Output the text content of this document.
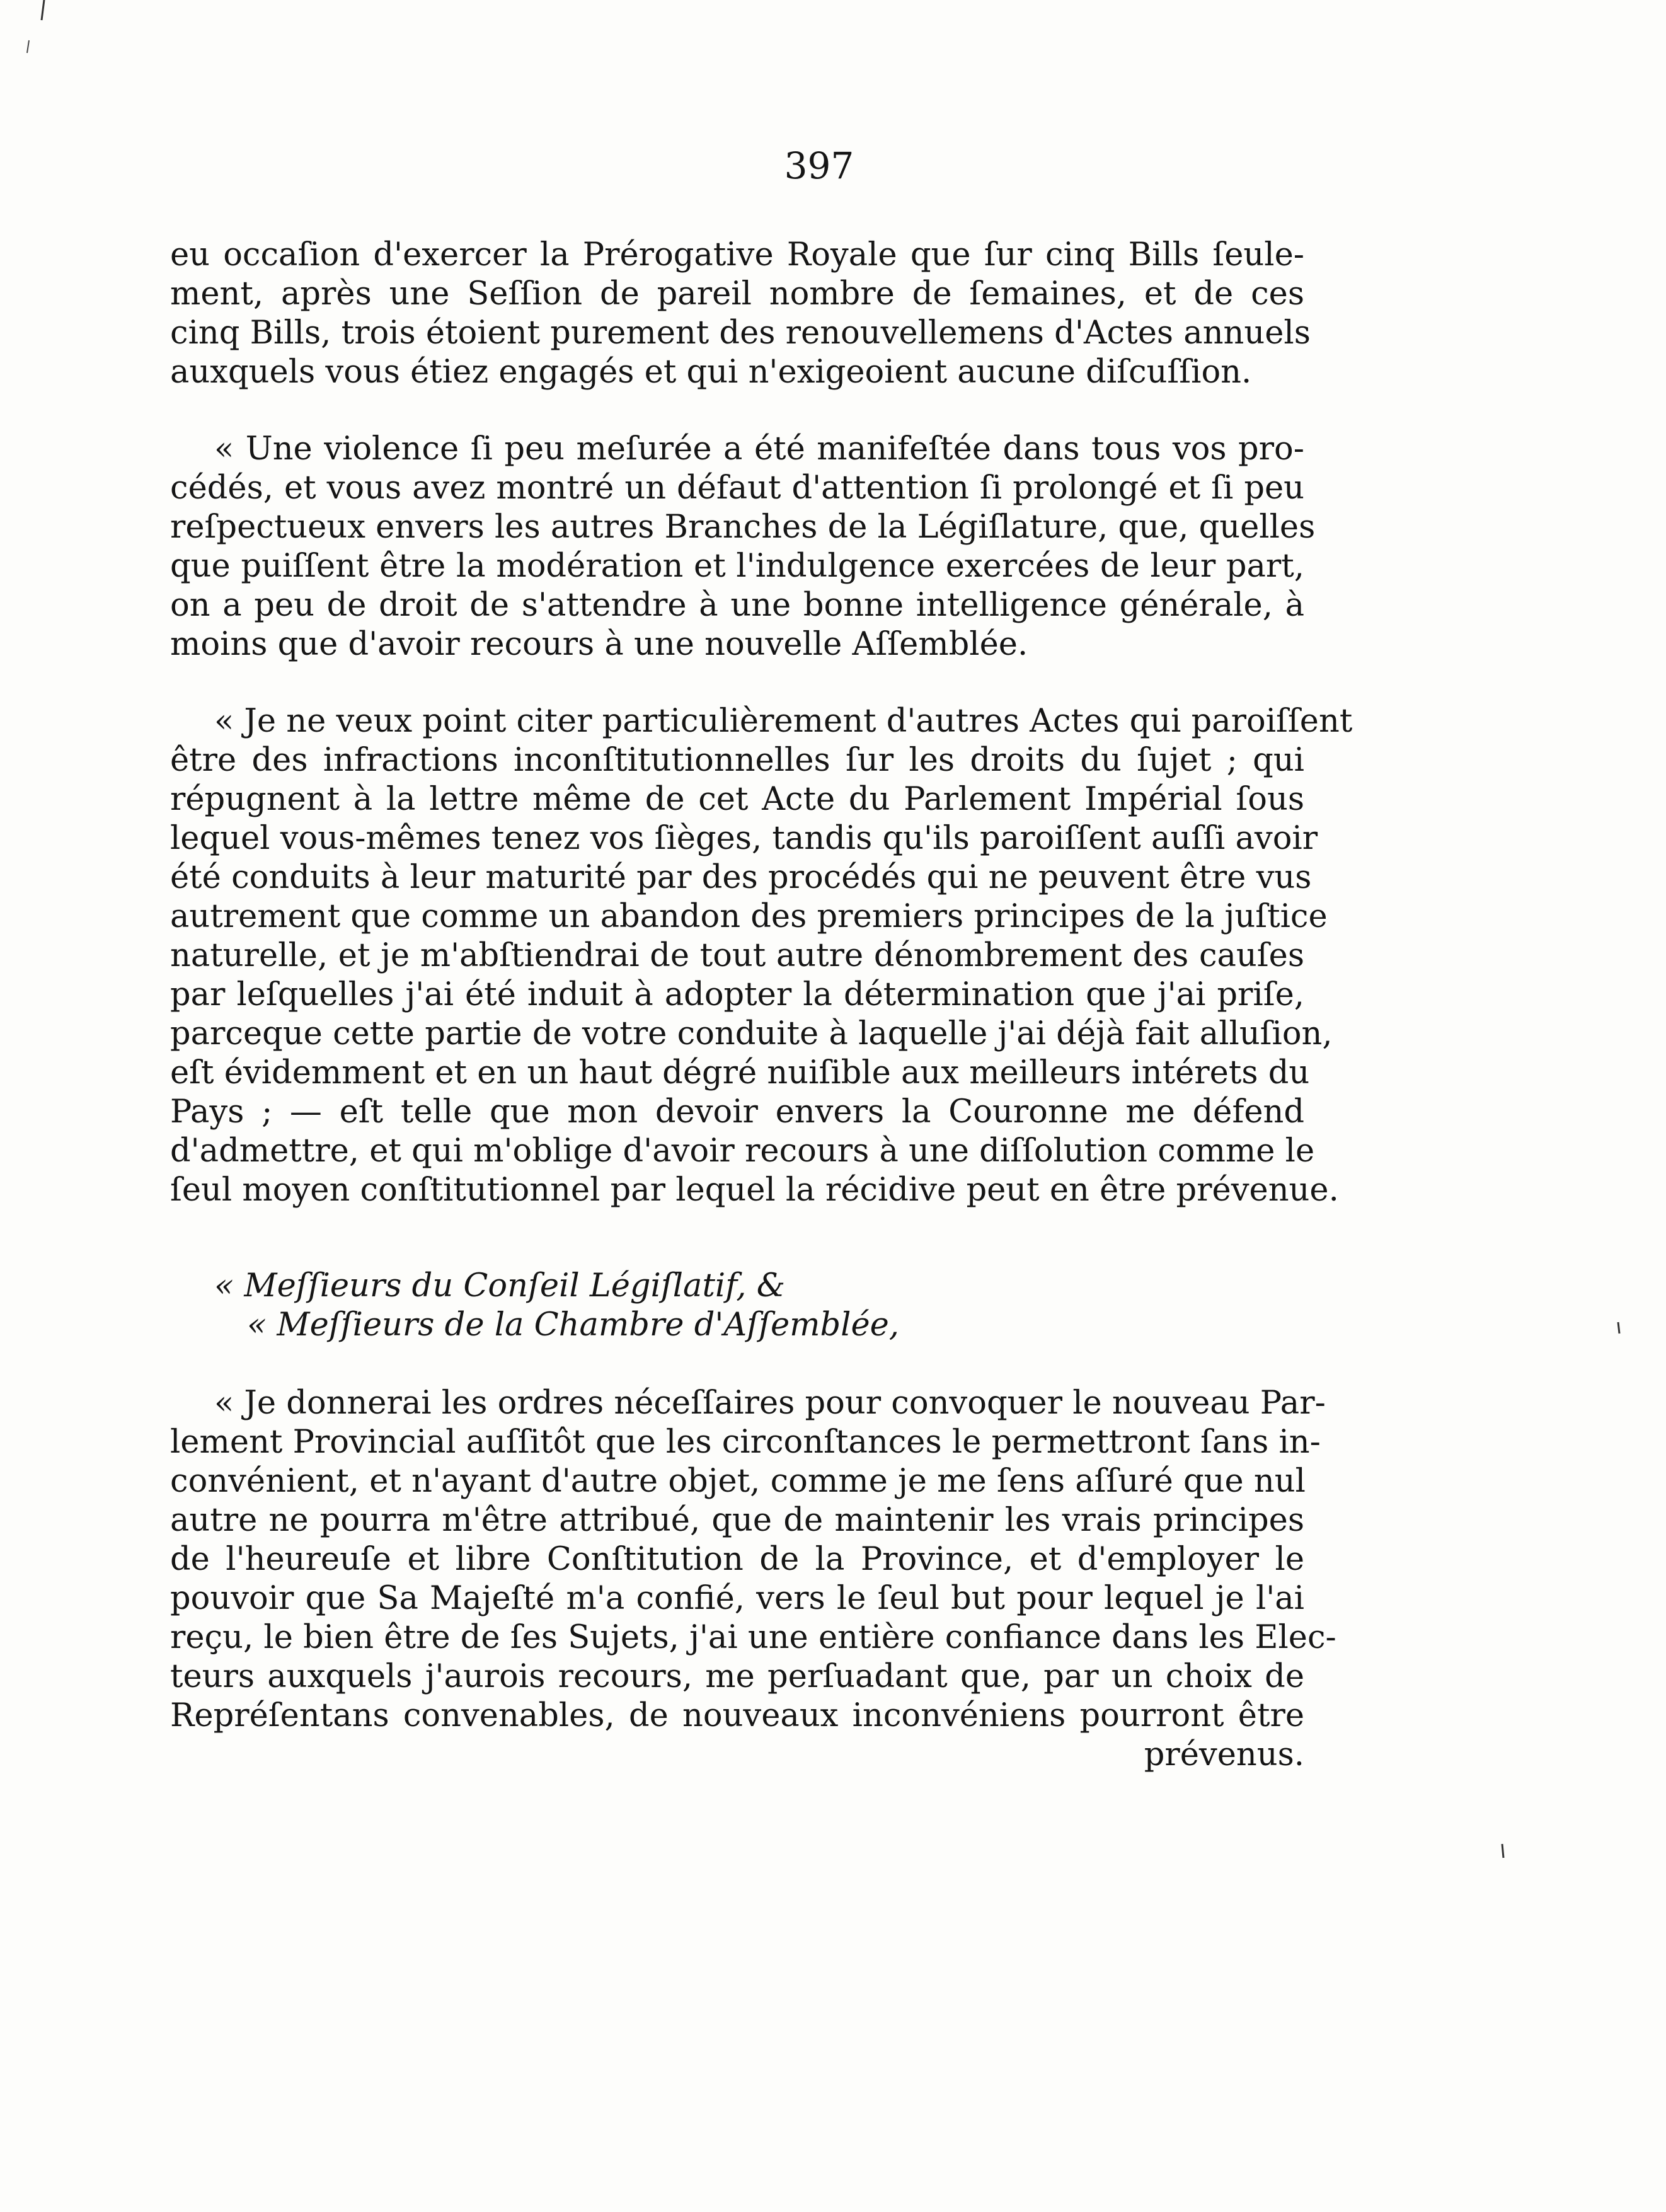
397
eu occaſion d'exercer la Prérogative Royale que ſur cinq Bills ſeule-
ment, après une Seſſion de pareil nombre de ſemaines, et de ces
cinq Bills, trois étoient purement des renouvellemens d'Actes annuels
auxquels vous étiez engagés et qui n'exigeoient aucune diſcuſſion.
« Une violence ſi peu meſurée a été manifeſtée dans tous vos pro-
cédés, et vous avez montré un défaut d'attention ſi prolongé et ſi peu
reſpectueux envers les autres Branches de la Légiſlature, que, quelles
que puiſſent être la modération et l'indulgence exercées de leur part,
on a peu de droit de s'attendre à une bonne intelligence générale, à
moins que d'avoir recours à une nouvelle Aſſemblée.
« Je ne veux point citer particulièrement d'autres Actes qui paroiſſent
être des infractions inconſtitutionnelles ſur les droits du ſujet ; qui
répugnent à la lettre même de cet Acte du Parlement Impérial ſous
lequel vous-mêmes tenez vos ſièges, tandis qu'ils paroiſſent auſſi avoir
été conduits à leur maturité par des procédés qui ne peuvent être vus
autrement que comme un abandon des premiers principes de la juſtice
naturelle, et je m'abſtiendrai de tout autre dénombrement des cauſes
par leſquelles j'ai été induit à adopter la détermination que j'ai priſe,
parceque cette partie de votre conduite à laquelle j'ai déjà fait alluſion,
eſt évidemment et en un haut dégré nuiſible aux meilleurs intérets du
Pays ; — eſt telle que mon devoir envers la Couronne me défend
d'admettre, et qui m'oblige d'avoir recours à une diſſolution comme le
ſeul moyen conſtitutionnel par lequel la récidive peut en être prévenue.
« Meſſieurs du Conſeil Légiſlatif, &
« Meſſieurs de la Chambre d'Aſſemblée,
« Je donnerai les ordres néceſſaires pour convoquer le nouveau Par-
lement Provincial auſſitôt que les circonſtances le permettront ſans in-
convénient, et n'ayant d'autre objet, comme je me ſens aſſuré que nul
autre ne pourra m'être attribué, que de maintenir les vrais principes
de l'heureuſe et libre Conſtitution de la Province, et d'employer le
pouvoir que Sa Majeſté m'a confié, vers le ſeul but pour lequel je l'ai
reçu, le bien être de ſes Sujets, j'ai une entière confiance dans les Elec-
teurs auxquels j'aurois recours, me perſuadant que, par un choix de
Repréſentans convenables, de nouveaux inconvéniens pourront être
prévenus.
